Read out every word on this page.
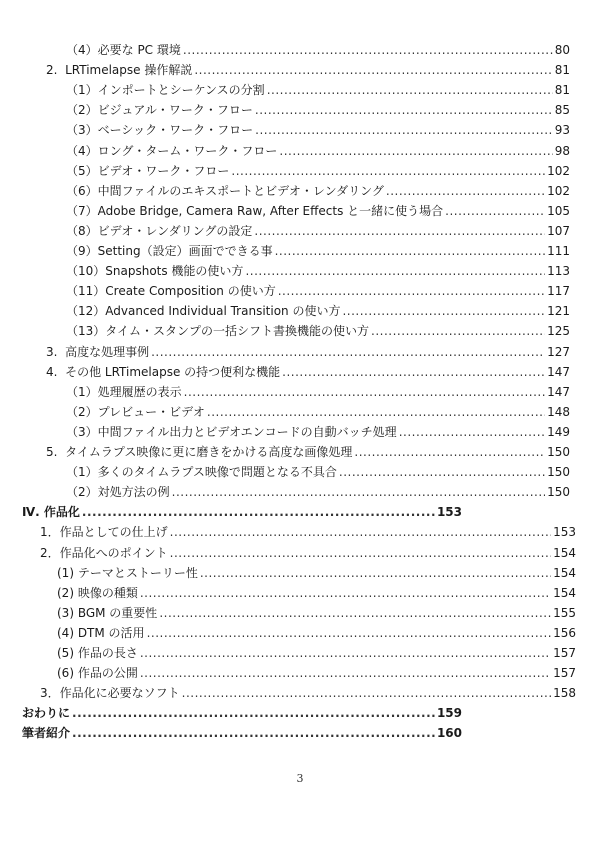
（4）必要な PC 環境 .....	80
2.  LRTimelapse 操作解説 .....	81
（1）インポートとシーケンスの分割 .....	81
（2）ビジュアル・ワーク・フロー .....	85
（3）ベーシック・ワーク・フロー .....	93
（4）ロング・ターム・ワーク・フロー .....	98
（5）ビデオ・ワーク・フロー .....	102
（6）中間ファイルのエキスポートとビデオ・レンダリング .....	102
（7）Adobe Bridge, Camera Raw, After Effects と一緒に使う場合 .....	105
（8）ビデオ・レンダリングの設定 .....	107
（9）Setting（設定）画面でできる事 .....	111
（10）Snapshots 機能の使い方 .....	113
（11）Create Composition の使い方 .....	117
（12）Advanced Individual Transition の使い方 .....	121
（13）タイム・スタンプの一括シフト書換機能の使い方 .....	125
3.  高度な処理事例 .....	127
4.  その他 LRTimelapse の持つ便利な機能 .....	147
（1）処理履歴の表示 .....	147
（2）プレビュー・ビデオ .....	148
（3）中間ファイル出力とビデオエンコードの自動バッチ処理 .....	149
5.  タイムラプス映像に更に磨きをかける高度な画像処理 .....	150
（1）多くのタイムラプス映像で問題となる不具合 .....	150
（2）対処方法の例 .....	150
Ⅳ. 作品化 .....	153
1．作品としての仕上げ .....	153
2．作品化へのポイント .....	154
(1) テーマとストーリー性 .....	154
(2) 映像の種類 .....	154
(3) BGM の重要性 .....	155
(4) DTM の活用 .....	156
(5) 作品の長さ .....	157
(6) 作品の公開 .....	157
3．作品化に必要なソフト .....	158
おわりに .....	159
筆者紹介 .....	160
3
